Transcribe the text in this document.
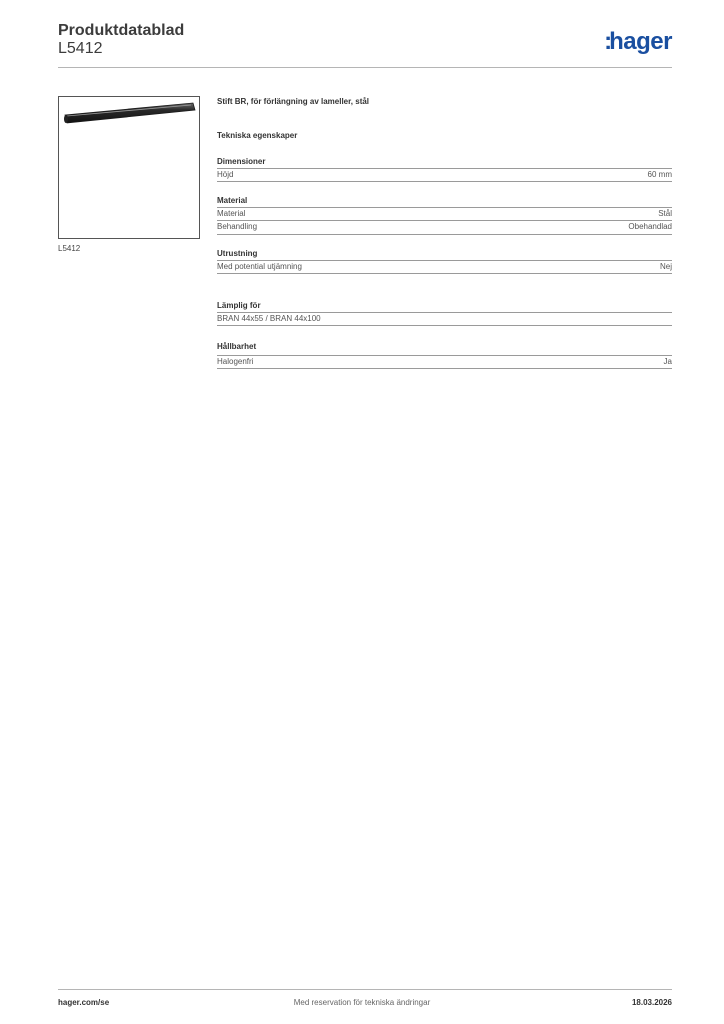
Produktdatablad
L5412	:hager
L5412
Stift BR, för förlängning av lameller, stål
Tekniska egenskaper
Dimensioner
Höjd	60 mm
Material
Material	Stål
Behandling	Obehandlad
Utrustning
Med potential utjämning	Nej
Lämplig för
BRAN 44x55 / BRAN 44x100
Hållbarhet
Halogenfri	Ja
Med reservation för tekniska ändringar
hager.com/se	18.03.2026
